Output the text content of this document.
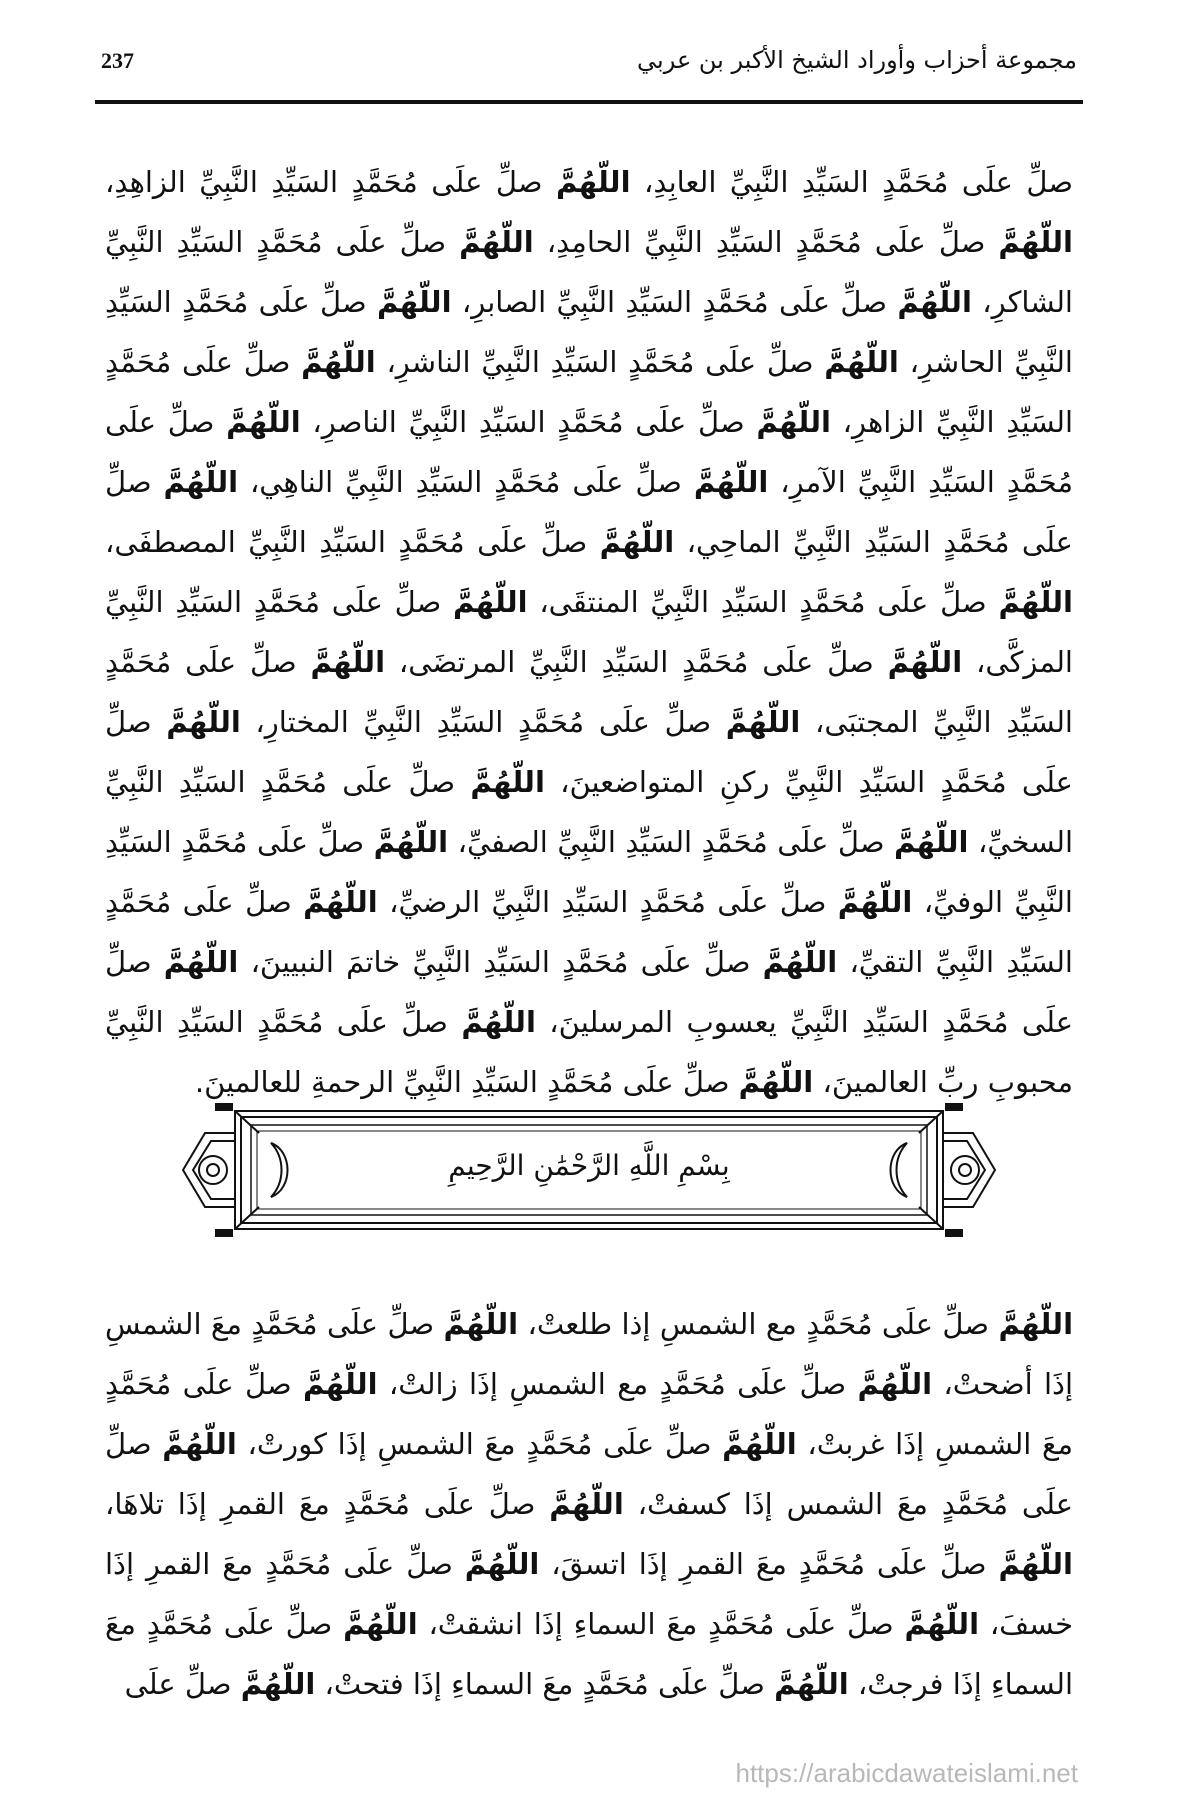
237	مجموعة أحزاب وأوراد الشيخ الأكبر بن عربي

صلِّ علَى مُحَمَّدٍ السَيِّدِ النَّبِيِّ العابِدِ، اللّهُمَّ صلِّ علَى مُحَمَّدٍ السَيِّدِ النَّبِيِّ الزاهِدِ، اللّهُمَّ صلِّ علَى مُحَمَّدٍ السَيِّدِ النَّبِيِّ الحامِدِ، اللّهُمَّ صلِّ علَى مُحَمَّدٍ السَيِّدِ النَّبِيِّ الشاكرِ، اللّهُمَّ صلِّ علَى مُحَمَّدٍ السَيِّدِ النَّبِيِّ الصابرِ، اللّهُمَّ صلِّ علَى مُحَمَّدٍ السَيِّدِ النَّبِيِّ الحاشرِ، اللّهُمَّ صلِّ علَى مُحَمَّدٍ السَيِّدِ النَّبِيِّ الناشرِ، اللّهُمَّ صلِّ علَى مُحَمَّدٍ السَيِّدِ النَّبِيِّ الزاهرِ، اللّهُمَّ صلِّ علَى مُحَمَّدٍ السَيِّدِ النَّبِيِّ الناصرِ، اللّهُمَّ صلِّ علَى مُحَمَّدٍ السَيِّدِ النَّبِيِّ الآمرِ، اللّهُمَّ صلِّ علَى مُحَمَّدٍ السَيِّدِ النَّبِيِّ الناهِي، اللّهُمَّ صلِّ علَى مُحَمَّدٍ السَيِّدِ النَّبِيِّ الماحِي، اللّهُمَّ صلِّ علَى مُحَمَّدٍ السَيِّدِ النَّبِيِّ المصطفَى، اللّهُمَّ صلِّ علَى مُحَمَّدٍ السَيِّدِ النَّبِيِّ المنتقَى، اللّهُمَّ صلِّ علَى مُحَمَّدٍ السَيِّدِ النَّبِيِّ المزكَّى، اللّهُمَّ صلِّ علَى مُحَمَّدٍ السَيِّدِ النَّبِيِّ المرتضَى، اللّهُمَّ صلِّ علَى مُحَمَّدٍ السَيِّدِ النَّبِيِّ المجتبَى، اللّهُمَّ صلِّ علَى مُحَمَّدٍ السَيِّدِ النَّبِيِّ المختارِ، اللّهُمَّ صلِّ علَى مُحَمَّدٍ السَيِّدِ النَّبِيِّ ركنِ المتواضعينَ، اللّهُمَّ صلِّ علَى مُحَمَّدٍ السَيِّدِ النَّبِيِّ السخيِّ، اللّهُمَّ صلِّ علَى مُحَمَّدٍ السَيِّدِ النَّبِيِّ الصفيِّ، اللّهُمَّ صلِّ علَى مُحَمَّدٍ السَيِّدِ النَّبِيِّ الوفيِّ، اللّهُمَّ صلِّ علَى مُحَمَّدٍ السَيِّدِ النَّبِيِّ الرضيِّ، اللّهُمَّ صلِّ علَى مُحَمَّدٍ السَيِّدِ النَّبِيِّ التقيِّ، اللّهُمَّ صلِّ علَى مُحَمَّدٍ السَيِّدِ النَّبِيِّ خاتمَ النبيينَ، اللّهُمَّ صلِّ علَى مُحَمَّدٍ السَيِّدِ النَّبِيِّ يعسوبِ المرسلينَ، اللّهُمَّ صلِّ علَى مُحَمَّدٍ السَيِّدِ النَّبِيِّ محبوبِ ربِّ العالمينَ، اللّهُمَّ صلِّ علَى مُحَمَّدٍ السَيِّدِ النَّبِيِّ الرحمةِ للعالمينَ.

بِسْمِ اللَّهِ الرَّحْمَٰنِ الرَّحِيمِ

اللّهُمَّ صلِّ علَى مُحَمَّدٍ مع الشمسِ إذا طلعتْ، اللّهُمَّ صلِّ علَى مُحَمَّدٍ معَ الشمسِ إذَا أضحتْ، اللّهُمَّ صلِّ علَى مُحَمَّدٍ مع الشمسِ إذَا زالتْ، اللّهُمَّ صلِّ علَى مُحَمَّدٍ معَ الشمسِ إذَا غربتْ، اللّهُمَّ صلِّ علَى مُحَمَّدٍ معَ الشمسِ إذَا كورتْ، اللّهُمَّ صلِّ علَى مُحَمَّدٍ معَ الشمس إذَا كسفتْ، اللّهُمَّ صلِّ علَى مُحَمَّدٍ معَ القمرِ إذَا تلاهَا، اللّهُمَّ صلِّ علَى مُحَمَّدٍ معَ القمرِ إذَا اتسقَ، اللّهُمَّ صلِّ علَى مُحَمَّدٍ معَ القمرِ إذَا خسفَ، اللّهُمَّ صلِّ علَى مُحَمَّدٍ معَ السماءِ إذَا انشقتْ، اللّهُمَّ صلِّ علَى مُحَمَّدٍ معَ السماءِ إذَا فرجتْ، اللّهُمَّ صلِّ علَى مُحَمَّدٍ معَ السماءِ إذَا فتحتْ، اللّهُمَّ صلِّ علَى

https://arabicdawateislami.net
